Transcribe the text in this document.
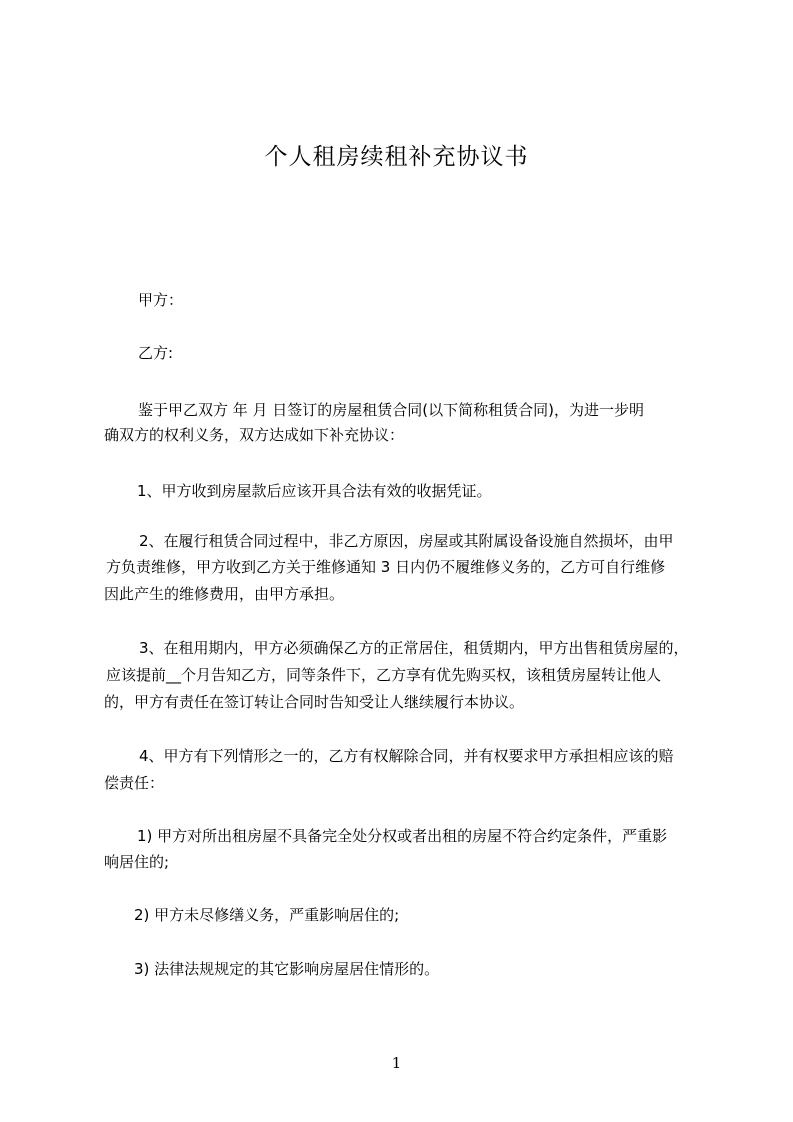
个人租房续租补充协议书

甲方：

乙方:

鉴于甲乙双方 年 月 日签订的房屋租赁合同(以下简称租赁合同)，为进一步明

确双方的权利义务，双方达成如下补充协议：

1、甲方收到房屋款后应该开具合法有效的收据凭证。

2、在履行租赁合同过程中，非乙方原因，房屋或其附属设备设施自然损坏，由甲

方负责维修，甲方收到乙方关于维修通知 3 日内仍不履维修义务的，乙方可自行维修

因此产生的维修费用，由甲方承担。

3、在租用期内，甲方必须确保乙方的正常居住，租赁期内，甲方出售租赁房屋的，

应该提前__个月告知乙方，同等条件下，乙方享有优先购买权，该租赁房屋转让他人

的，甲方有责任在签订转让合同时告知受让人继续履行本协议。

4、甲方有下列情形之一的，乙方有权解除合同，并有权要求甲方承担相应该的赔

偿责任：

1) 甲方对所出租房屋不具备完全处分权或者出租的房屋不符合约定条件，严重影

响居住的;

2) 甲方未尽修缮义务，严重影响居住的;

3) 法律法规规定的其它影响房屋居住情形的。

1
